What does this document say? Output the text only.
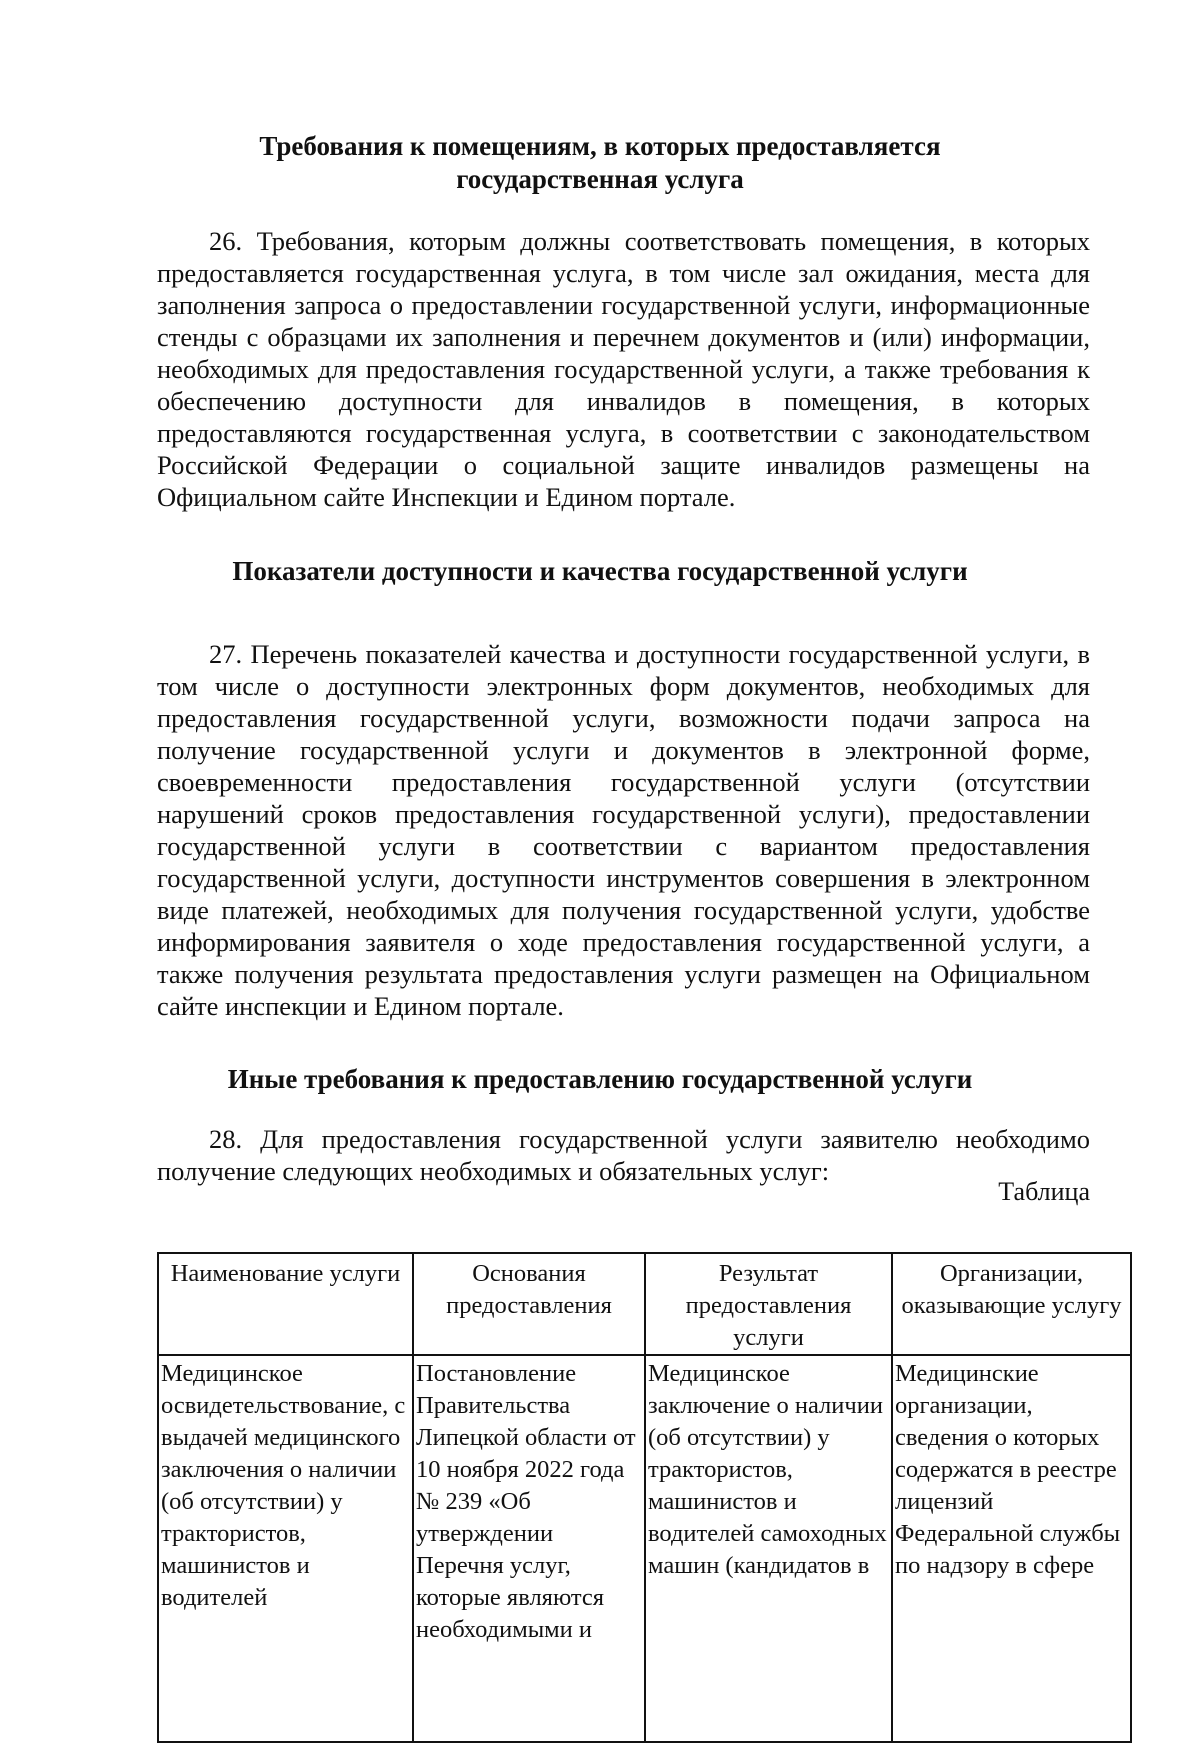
Требования к помещениям, в которых предоставляется
государственная услуга

26. Требования, которым должны соответствовать помещения, в которых предоставляется государственная услуга, в том числе зал ожидания, места для заполнения запроса о предоставлении государственной услуги, информационные стенды с образцами их заполнения и перечнем документов и (или) информации, необходимых для предоставления государственной услуги, а также требования к обеспечению доступности для инвалидов в помещения, в которых предоставляются государственная услуга, в соответствии с законодательством Российской Федерации о социальной защите инвалидов размещены на Официальном сайте Инспекции и Едином портале.

Показатели доступности и качества государственной услуги

27. Перечень показателей качества и доступности государственной услуги, в том числе о доступности электронных форм документов, необходимых для предоставления государственной услуги, возможности подачи запроса на получение государственной услуги и документов в электронной форме, своевременности предоставления государственной услуги (отсутствии нарушений сроков предоставления государственной услуги), предоставлении государственной услуги в соответствии с вариантом предоставления государственной услуги, доступности инструментов совершения в электронном виде платежей, необходимых для получения государственной услуги, удобстве информирования заявителя о ходе предоставления государственной услуги, а также получения результата предоставления услуги размещен на Официальном сайте инспекции и Едином портале.

Иные требования к предоставлению государственной услуги

28. Для предоставления государственной услуги заявителю необходимо получение следующих необходимых и обязательных услуг:

Таблица
Наименование услуги	Основания предоставления	Результат предоставления услуги	Организации, оказывающие услугу

Медицинское освидетельствование, с выдачей медицинского заключения о наличии (об отсутствии) у трактористов, машинистов и водителей	Постановление Правительства Липецкой области от 10 ноября 2022 года № 239 «Об утверждении Перечня услуг, которые являются необходимыми и	Медицинское заключение о наличии (об отсутствии) у трактористов, машинистов и водителей самоходных машин (кандидатов в	Медицинские организации, сведения о которых содержатся в реестре лицензий Федеральной службы по надзору в сфере
